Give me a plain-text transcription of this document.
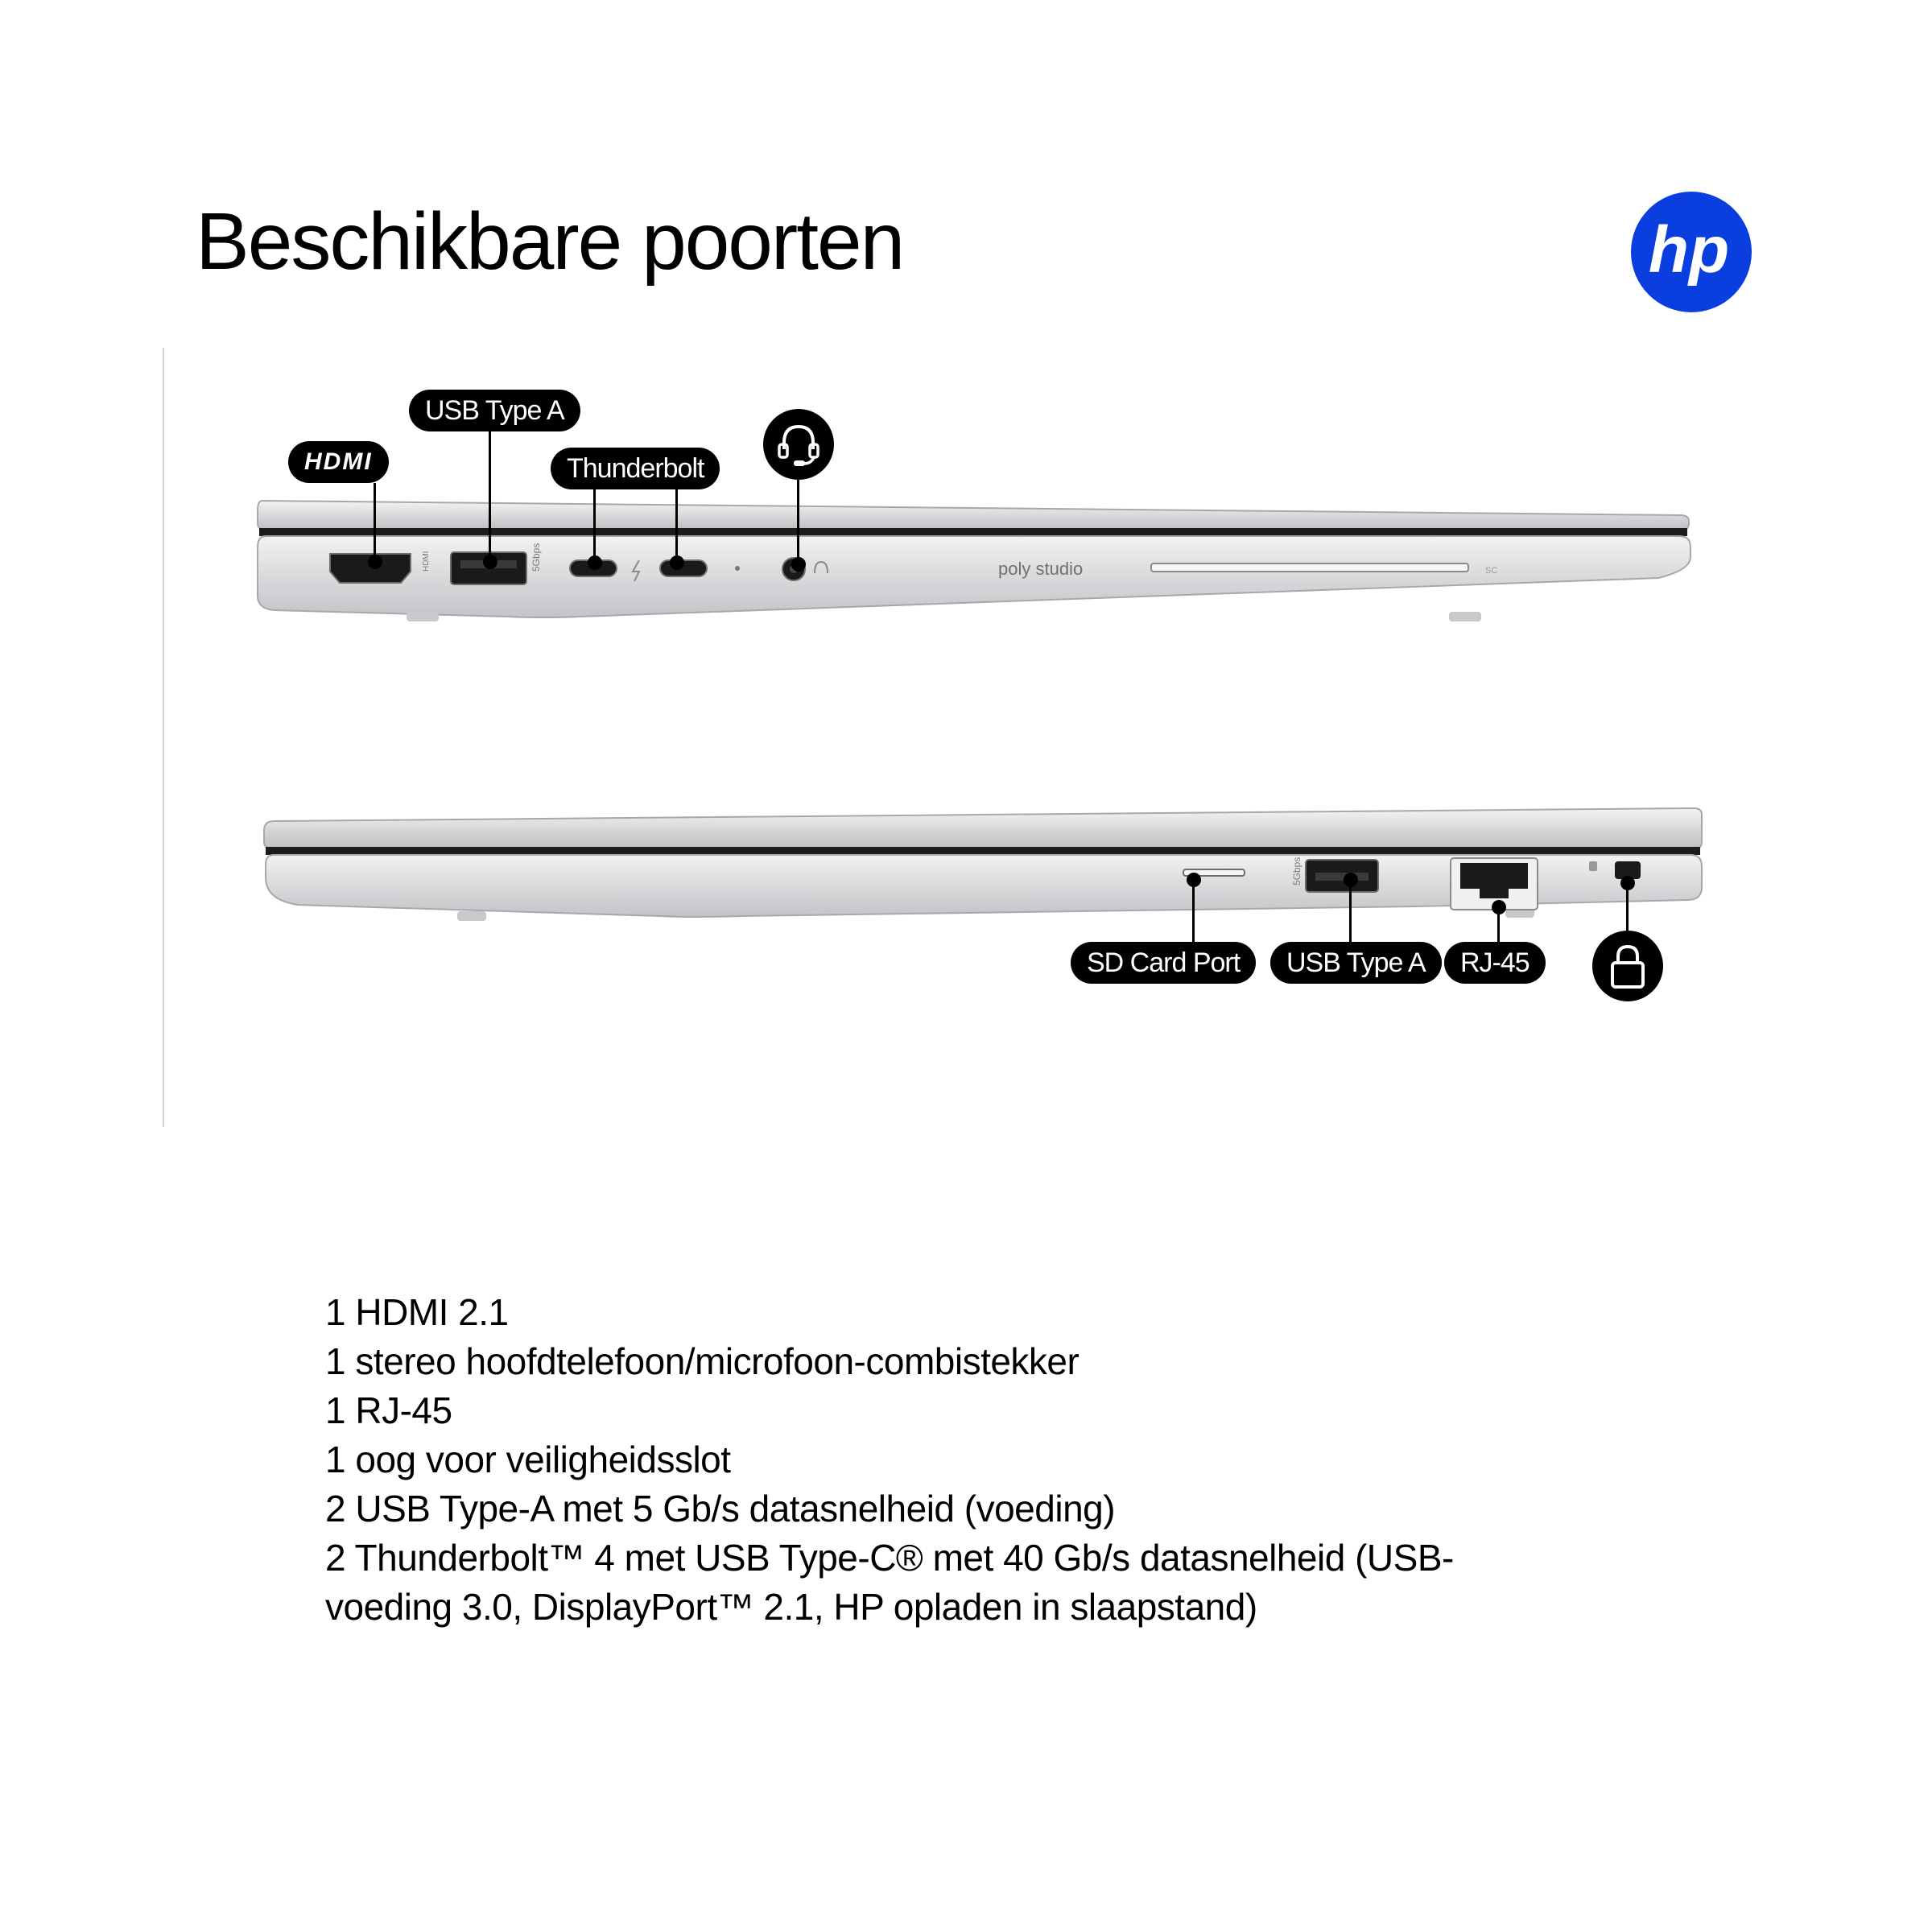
Beschikbare poorten	hp
HDMI	5Gbps	poly studio	SC
HDMI
USB Type A
Thunderbolt
5Gbps
SD Card Port	USB Type A	RJ-45
1 HDMI 2.1
1 stereo hoofdtelefoon/microfoon-combistekker
1 RJ-45
1 oog voor veiligheidsslot
2 USB Type-A met 5 Gb/s datasnelheid (voeding)
2 Thunderbolt™ 4 met USB Type-C® met 40 Gb/s datasnelheid (USB-
voeding 3.0, DisplayPort™ 2.1, HP opladen in slaapstand)
